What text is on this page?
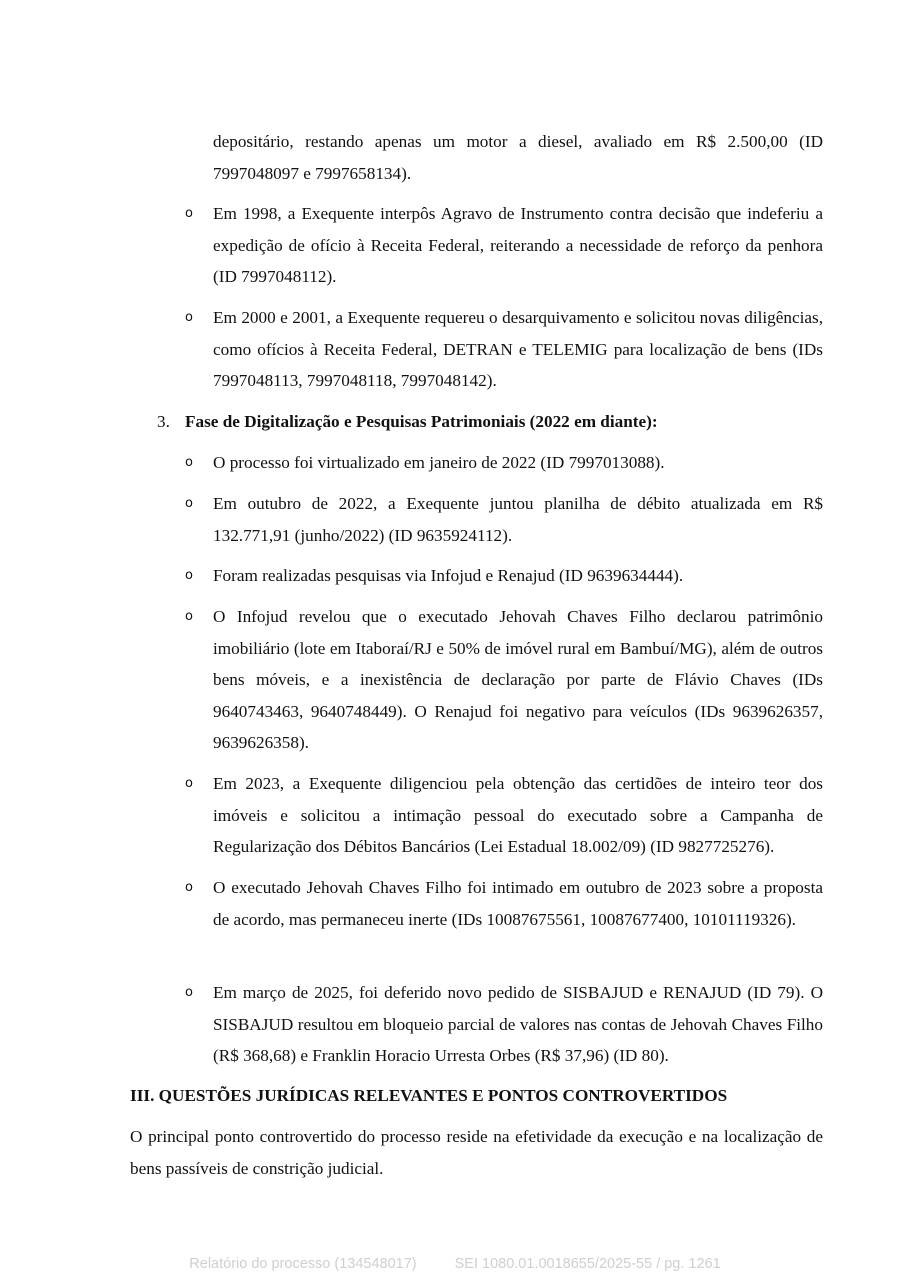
depositário, restando apenas um motor a diesel, avaliado em R$ 2.500,00 (ID 7997048097 e 7997658134).

o	Em 1998, a Exequente interpôs Agravo de Instrumento contra decisão que indeferiu a expedição de ofício à Receita Federal, reiterando a necessidade de reforço da penhora (ID 7997048112).

o	Em 2000 e 2001, a Exequente requereu o desarquivamento e solicitou novas diligências, como ofícios à Receita Federal, DETRAN e TELEMIG para localização de bens (IDs 7997048113, 7997048118, 7997048142).

3. Fase de Digitalização e Pesquisas Patrimoniais (2022 em diante):

o	O processo foi virtualizado em janeiro de 2022 (ID 7997013088).

o	Em outubro de 2022, a Exequente juntou planilha de débito atualizada em R$ 132.771,91 (junho/2022) (ID 9635924112).

o	Foram realizadas pesquisas via Infojud e Renajud (ID 9639634444).

o	O Infojud revelou que o executado Jehovah Chaves Filho declarou patrimônio imobiliário (lote em Itaboraí/RJ e 50% de imóvel rural em Bambuí/MG), além de outros bens móveis, e a inexistência de declaração por parte de Flávio Chaves (IDs 9640743463, 9640748449). O Renajud foi negativo para veículos (IDs 9639626357, 9639626358).

o	Em 2023, a Exequente diligenciou pela obtenção das certidões de inteiro teor dos imóveis e solicitou a intimação pessoal do executado sobre a Campanha de Regularização dos Débitos Bancários (Lei Estadual 18.002/09) (ID 9827725276).

o	O executado Jehovah Chaves Filho foi intimado em outubro de 2023 sobre a proposta de acordo, mas permaneceu inerte (IDs 10087675561, 10087677400, 10101119326).

o	Em março de 2025, foi deferido novo pedido de SISBAJUD e RENAJUD (ID 79). O SISBAJUD resultou em bloqueio parcial de valores nas contas de Jehovah Chaves Filho (R$ 368,68) e Franklin Horacio Urresta Orbes (R$ 37,96) (ID 80).

III. QUESTÕES JURÍDICAS RELEVANTES E PONTOS CONTROVERTIDOS

O principal ponto controvertido do processo reside na efetividade da execução e na localização de bens passíveis de constrição judicial.

Relatório do processo (134548017)	SEI 1080.01.0018655/2025-55 / pg. 1261
